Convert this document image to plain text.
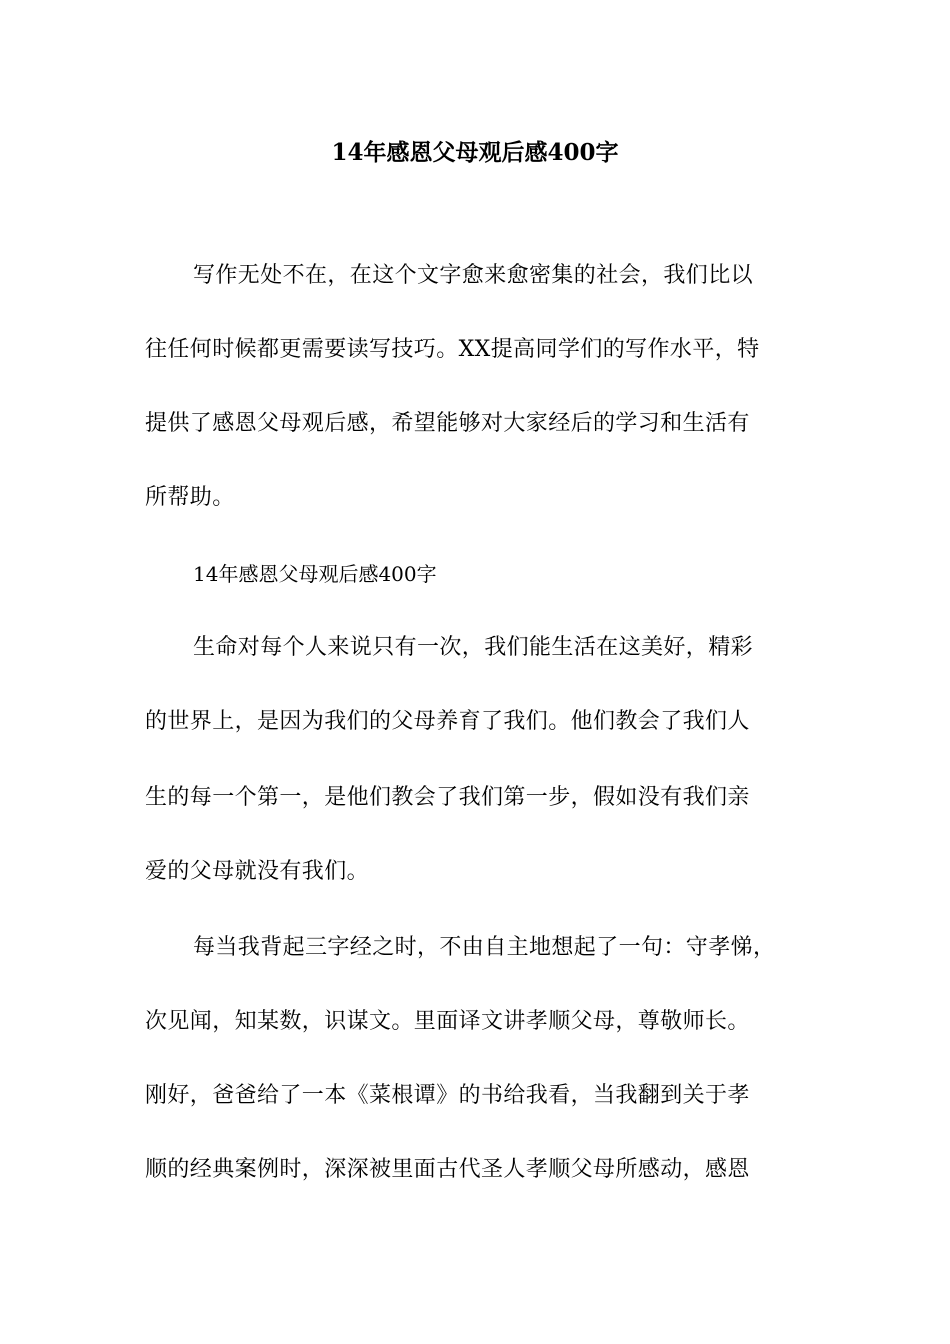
14年感恩父母观后感400字
写作无处不在，在这个文字愈来愈密集的社会，我们比以
往任何时候都更需要读写技巧。XX提高同学们的写作水平，特
提供了感恩父母观后感，希望能够对大家经后的学习和生活有
所帮助。
14年感恩父母观后感400字
生命对每个人来说只有一次，我们能生活在这美好，精彩
的世界上，是因为我们的父母养育了我们。他们教会了我们人
生的每一个第一，是他们教会了我们第一步，假如没有我们亲
爱的父母就没有我们。
每当我背起三字经之时，不由自主地想起了一句：守孝悌，
次见闻，知某数，识谋文。里面译文讲孝顺父母，尊敬师长。
刚好，爸爸给了一本《菜根谭》的书给我看，当我翻到关于孝
顺的经典案例时，深深被里面古代圣人孝顺父母所感动，感恩
